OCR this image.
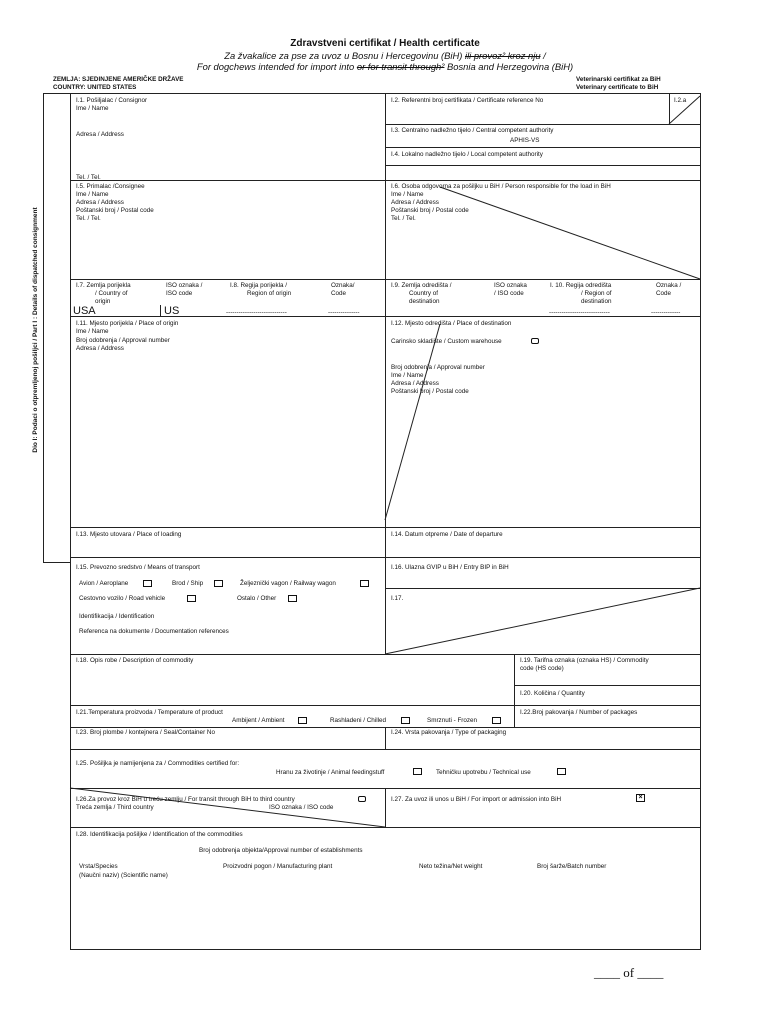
Zdravstveni certifikat / Health certificate
Za žvakalice za pse za uvoz u Bosnu i Hercegovinu (BiH) ili provoz² kroz nju /
For dogchews intended for import into or for transit through² Bosnia and Herzegovina (BiH)
ZEMLJA: SJEDINJENE AMERIČKE DRŽAVE
COUNTRY: UNITED STATES
Veterinarski certifikat za BiH
Veterinary certificate to BiH
Dio I: Podaci o otpremljenoj pošiljci / Part I : Details of dispatched consignment
I.1. Pošiljalac / Consignor
Ime / Name
Adresa / Address
Tel. / Tel.
I.5. Primalac /Consignee
Ime / Name
Adresa / Address
Poštanski broj / Postal code
Tel. / Tel.
I.7. Zemlja porijekla
/ Country of
origin
ISO oznaka /
ISO code
I.8. Regija porijekla /
Region of origin
Oznaka/
Code
USA	US	-----------------------------	---------------
I.11. Mjesto porijekla / Place of origin
Ime / Name
Broj odobrenja / Approval number
Adresa / Address
I.13. Mjesto utovara / Place of loading
I.15. Prevozno sredstvo / Means of transport
Avion / Aeroplane	Brod / Ship	Željeznički vagon / Railway wagon
Cestovno vozilo / Road vehicle	Ostalo / Other
Identifikacija / Identification
Referenca na dokumente / Documentation references
I.18. Opis robe / Description of commodity
I.21.Temperatura proizvoda / Temperature of product
Ambijent / Ambient	Rashladeni / Chilled	Smrznuti - Frozen
I.23. Broj plombe / kontejnera / Seal/Container No
I.25. Pošiljka je namijenjena za / Commodities certified for:
Hranu za životinje / Animal feedingstuff	Tehničku upotrebu / Technical use
I.26.Za provoz kroz BiH u treću zemlju / For transit through BiH to third country
Treća zemlja / Third country	ISO oznaka / ISO code
I.28. Identifikacija pošiljke / Identification of the commodities
Broj odobrenja objekta/Approval number of establishments
Vrsta/Species
(Naučni naziv) (Scientific name)
Proizvodni pogon / Manufacturing plant	Neto težina/Net weight	Broj šarže/Batch number
I.2. Referentni broj certifikata / Certificate reference No	I.2.a
I.3. Centralno nadležno tijelo / Central competent authority
APHIS-VS
I.4. Lokalno nadležno tijelo / Local competent authority
I.6. Osoba odgovorna za pošiljku u BiH / Person responsible for the load in BiH
Ime / Name
Adresa / Address
Poštanski broj / Postal code
Tel. / Tel.
I.9. Zemlja odredišta /
Country of
destination
ISO oznaka
/ ISO code
I. 10. Regija odredišta
/ Region of
destination
Oznaka /
Code
-----------------------------	--------------
I.12. Mjesto odredišta / Place of destination
Carinsko skladište / Custom warehouse
Broj odobrenja / Approval number
Ime / Name
Adresa / Address
Poštanski broj / Postal code
I.14. Datum otpreme / Date of departure
I.16. Ulazna GVIP u BiH / Entry BIP in BiH
I.17.
I.19. Tarifna oznaka (oznaka HS) / Commodity
code (HS code)
I.20. Količina / Quantity
I.22.Broj pakovanja / Number of packages
I.24. Vrsta pakovanja / Type of packaging
I.27. Za uvoz ili unos u BiH / For import or admission into BiH	×
____ of ____
